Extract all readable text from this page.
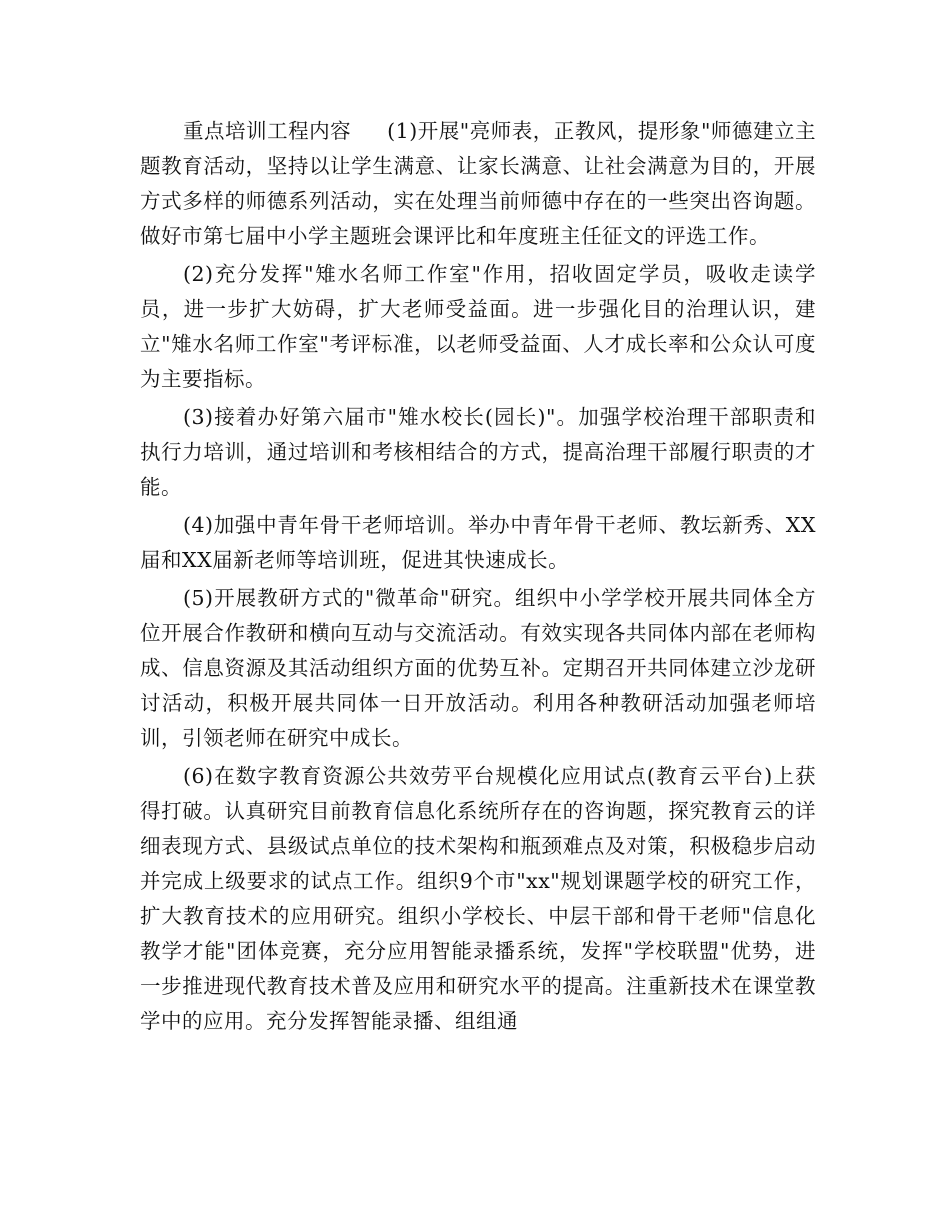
重点培训工程内容 (1)开展"亮师表，正教风，提形象"师德建立主题教育活动，坚持以让学生满意、让家长满意、让社会满意为目的，开展方式多样的师德系列活动，实在处理当前师德中存在的一些突出咨询题。做好市第七届中小学主题班会课评比和年度班主任征文的评选工作。

(2)充分发挥"雉水名师工作室"作用，招收固定学员，吸收走读学员，进一步扩大妨碍，扩大老师受益面。进一步强化目的治理认识，建立"雉水名师工作室"考评标准，以老师受益面、人才成长率和公众认可度为主要指标。

(3)接着办好第六届市"雉水校长(园长)"。加强学校治理干部职责和执行力培训，通过培训和考核相结合的方式，提高治理干部履行职责的才能。

(4)加强中青年骨干老师培训。举办中青年骨干老师、教坛新秀、XX届和XX届新老师等培训班，促进其快速成长。

(5)开展教研方式的"微革命"研究。组织中小学学校开展共同体全方位开展合作教研和横向互动与交流活动。有效实现各共同体内部在老师构成、信息资源及其活动组织方面的优势互补。定期召开共同体建立沙龙研讨活动，积极开展共同体一日开放活动。利用各种教研活动加强老师培训，引领老师在研究中成长。

(6)在数字教育资源公共效劳平台规模化应用试点(教育云平台)上获得打破。认真研究目前教育信息化系统所存在的咨询题，探究教育云的详细表现方式、县级试点单位的技术架构和瓶颈难点及对策，积极稳步启动并完成上级要求的试点工作。组织9个市"xx"规划课题学校的研究工作，扩大教育技术的应用研究。组织小学校长、中层干部和骨干老师"信息化教学才能"团体竞赛，充分应用智能录播系统，发挥"学校联盟"优势，进一步推进现代教育技术普及应用和研究水平的提高。注重新技术在课堂教学中的应用。充分发挥智能录播、组组通
